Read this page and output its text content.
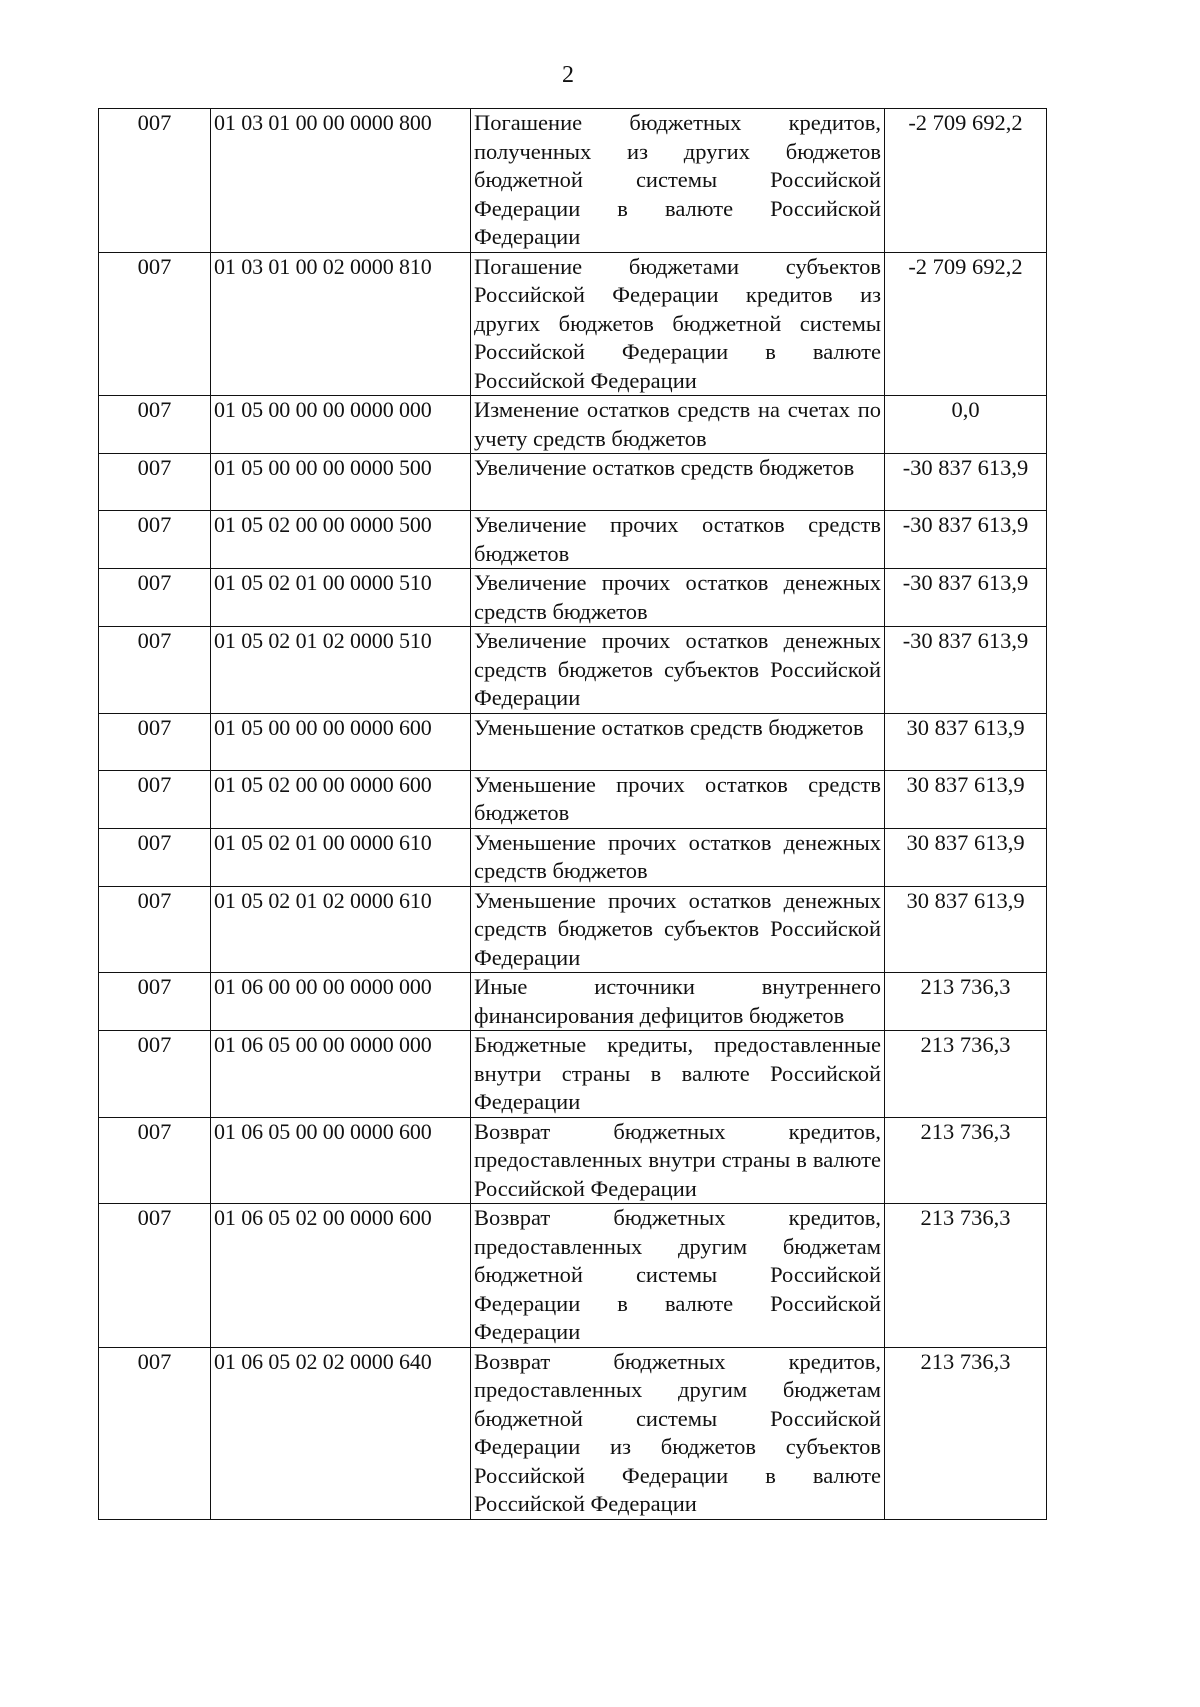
2
007	01 03 01 00 00 0000 800	Погашение бюджетных кредитов, полученных из других бюджетов бюджетной системы Российской Федерации в валюте Российской Федерации	-2 709 692,2
007	01 03 01 00 02 0000 810	Погашение бюджетами субъектов Российской Федерации кредитов из других бюджетов бюджетной системы Российской Федерации в валюте Российской Федерации	-2 709 692,2
007	01 05 00 00 00 0000 000	Изменение остатков средств на счетах по учету средств бюджетов	0,0
007	01 05 00 00 00 0000 500	Увеличение остатков средств бюджетов	-30 837 613,9
007	01 05 02 00 00 0000 500	Увеличение прочих остатков средств бюджетов	-30 837 613,9
007	01 05 02 01 00 0000 510	Увеличение прочих остатков денежных средств бюджетов	-30 837 613,9
007	01 05 02 01 02 0000 510	Увеличение прочих остатков денежных средств бюджетов субъектов Российской Федерации	-30 837 613,9
007	01 05 00 00 00 0000 600	Уменьшение остатков средств бюджетов	30 837 613,9
007	01 05 02 00 00 0000 600	Уменьшение прочих остатков средств бюджетов	30 837 613,9
007	01 05 02 01 00 0000 610	Уменьшение прочих остатков денежных средств бюджетов	30 837 613,9
007	01 05 02 01 02 0000 610	Уменьшение прочих остатков денежных средств бюджетов субъектов Российской Федерации	30 837 613,9
007	01 06 00 00 00 0000 000	Иные источники внутреннего финансирования дефицитов бюджетов	213 736,3
007	01 06 05 00 00 0000 000	Бюджетные кредиты, предоставленные внутри страны в валюте Российской Федерации	213 736,3
007	01 06 05 00 00 0000 600	Возврат бюджетных кредитов, предоставленных внутри страны в валюте Российской Федерации	213 736,3
007	01 06 05 02 00 0000 600	Возврат бюджетных кредитов, предоставленных другим бюджетам бюджетной системы Российской Федерации в валюте Российской Федерации	213 736,3
007	01 06 05 02 02 0000 640	Возврат бюджетных кредитов, предоставленных другим бюджетам бюджетной системы Российской Федерации из бюджетов субъектов Российской Федерации в валюте Российской Федерации	213 736,3
